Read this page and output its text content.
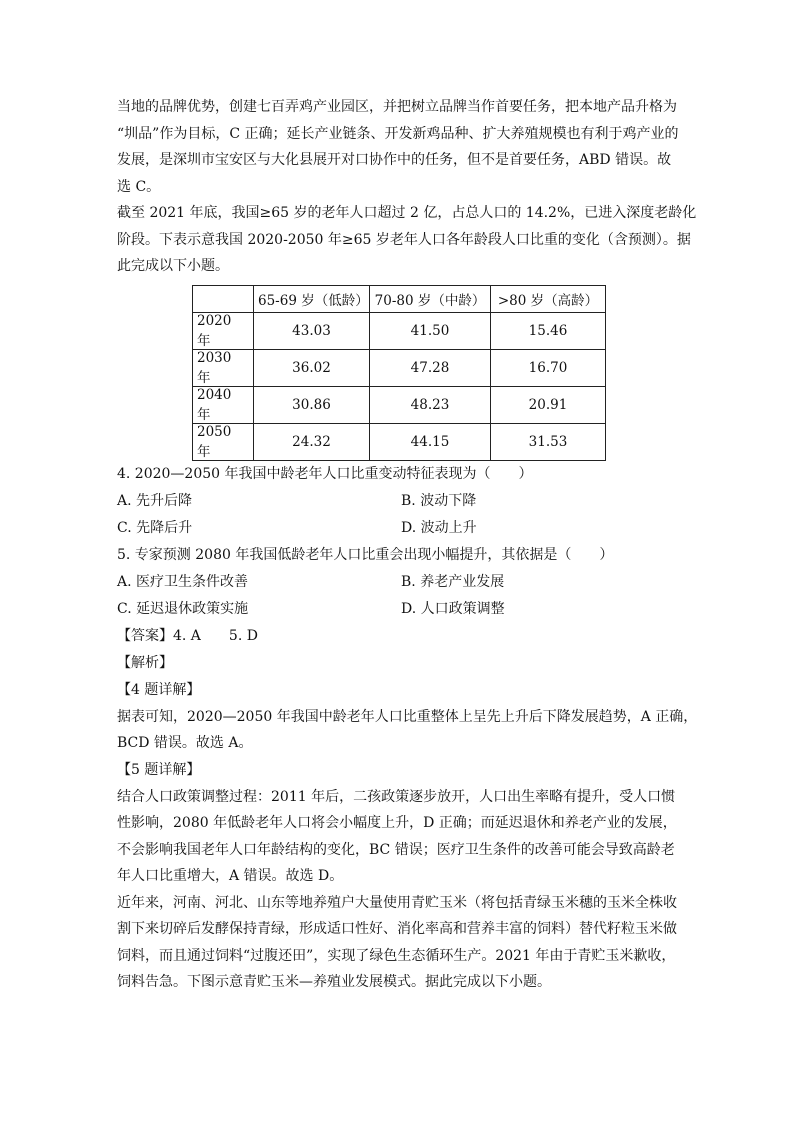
当地的品牌优势，创建七百弄鸡产业园区，并把树立品牌当作首要任务，把本地产品升格为
“圳品”作为目标，C 正确；延长产业链条、开发新鸡品种、扩大养殖规模也有利于鸡产业的
发展，是深圳市宝安区与大化县展开对口协作中的任务，但不是首要任务，ABD 错误。故
选 C。

截至 2021 年底，我国≥65 岁的老年人口超过 2 亿，占总人口的 14.2%，已进入深度老龄化
阶段。下表示意我国 2020-2050 年≥65 岁老年人口各年龄段人口比重的变化（含预测）。据
此完成以下小题。

	65-69 岁（低龄）	70-80 岁（中龄）	>80 岁（高龄）
2020 年	43.03	41.50	15.46
2030 年	36.02	47.28	16.70
2040 年	30.86	48.23	20.91
2050 年	24.32	44.15	31.53

4. 2020—2050 年我国中龄老年人口比重变动特征表现为（　　）

A. 先升后降	B. 波动下降
C. 先降后升	D. 波动上升

5. 专家预测 2080 年我国低龄老年人口比重会出现小幅提升，其依据是（　　）

A. 医疗卫生条件改善	B. 养老产业发展
C. 延迟退休政策实施	D. 人口政策调整

【答案】4. A　　5. D

【解析】

【4 题详解】

据表可知，2020—2050 年我国中龄老年人口比重整体上呈先上升后下降发展趋势，A 正确，
BCD 错误。故选 A。

【5 题详解】

结合人口政策调整过程：2011 年后，二孩政策逐步放开，人口出生率略有提升，受人口惯
性影响，2080 年低龄老年人口将会小幅度上升，D 正确；而延迟退休和养老产业的发展，
不会影响我国老年人口年龄结构的变化，BC 错误；医疗卫生条件的改善可能会导致高龄老
年人口比重增大，A 错误。故选 D。

近年来，河南、河北、山东等地养殖户大量使用青贮玉米（将包括青绿玉米穗的玉米全株收
割下来切碎后发酵保持青绿，形成适口性好、消化率高和营养丰富的饲料）替代籽粒玉米做
饲料，而且通过饲料“过腹还田”，实现了绿色生态循环生产。2021 年由于青贮玉米歉收，
饲料告急。下图示意青贮玉米—养殖业发展模式。据此完成以下小题。
